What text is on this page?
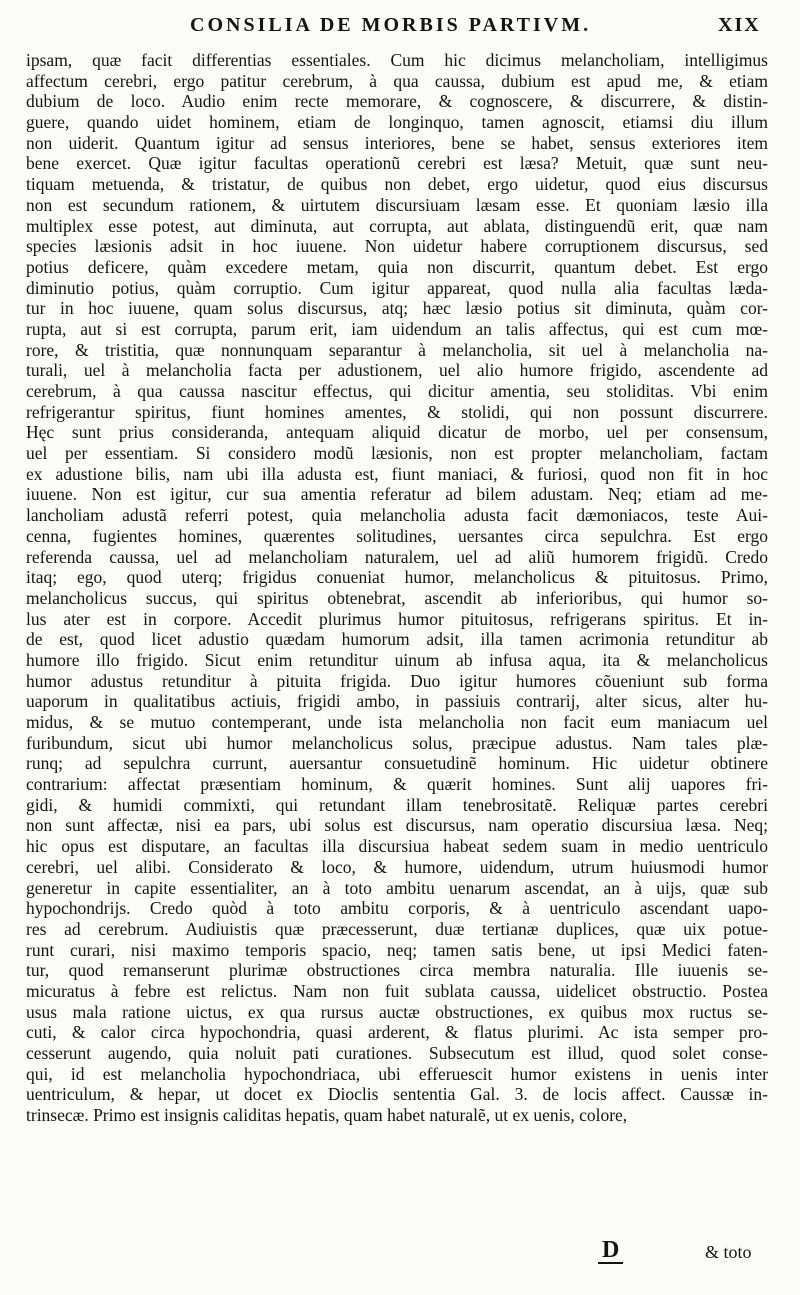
CONSILIA DE MORBIS PARTIVM.	XIX
ipsam, quæ facit differentias essentiales. Cum hic dicimus melancholiam, intelligimus
affectum cerebri, ergo patitur cerebrum, à qua caussa, dubium est apud me, & etiam
dubium de loco. Audio enim recte memorare, & cognoscere, & discurrere, & distin-
guere, quando uidet hominem, etiam de longinquo, tamen agnoscit, etiamsi diu illum
non uiderit. Quantum igitur ad sensus interiores, bene se habet, sensus exteriores item
bene exercet. Quæ igitur facultas operationũ cerebri est læsa? Metuit, quæ sunt neu-
tiquam metuenda, & tristatur, de quibus non debet, ergo uidetur, quod eius discursus
non est secundum rationem, & uirtutem discursiuam læsam esse. Et quoniam læsio illa
multiplex esse potest, aut diminuta, aut corrupta, aut ablata, distinguendũ erit, quæ nam
species læsionis adsit in hoc iuuene. Non uidetur habere corruptionem discursus, sed
potius deficere, quàm excedere metam, quia non discurrit, quantum debet. Est ergo
diminutio potius, quàm corruptio. Cum igitur appareat, quod nulla alia facultas læda-
tur in hoc iuuene, quam solus discursus, atq; hæc læsio potius sit diminuta, quàm cor-
rupta, aut si est corrupta, parum erit, iam uidendum an talis affectus, qui est cum mœ-
rore, & tristitia, quæ nonnunquam separantur à melancholia, sit uel à melancholia na-
turali, uel à melancholia facta per adustionem, uel alio humore frigido, ascendente ad
cerebrum, à qua caussa nascitur effectus, qui dicitur amentia, seu stoliditas. Vbi enim
refrigerantur spiritus, fiunt homines amentes, & stolidi, qui non possunt discurrere.
Hęc sunt prius consideranda, antequam aliquid dicatur de morbo, uel per consensum,
uel per essentiam. Si considero modũ læsionis, non est propter melancholiam, factam
ex adustione bilis, nam ubi illa adusta est, fiunt maniaci, & furiosi, quod non fit in hoc
iuuene. Non est igitur, cur sua amentia referatur ad bilem adustam. Neq; etiam ad me-
lancholiam adustã referri potest, quia melancholia adusta facit dæmoniacos, teste Aui-
cenna, fugientes homines, quærentes solitudines, uersantes circa sepulchra. Est ergo
referenda caussa, uel ad melancholiam naturalem, uel ad aliũ humorem frigidũ. Credo
itaq; ego, quod uterq; frigidus conueniat humor, melancholicus & pituitosus. Primo,
melancholicus succus, qui spiritus obtenebrat, ascendit ab inferioribus, qui humor so-
lus ater est in corpore. Accedit plurimus humor pituitosus, refrigerans spiritus. Et in-
de est, quod licet adustio quædam humorum adsit, illa tamen acrimonia retunditur ab
humore illo frigido. Sicut enim retunditur uinum ab infusa aqua, ita & melancholicus
humor adustus retunditur à pituita frigida. Duo igitur humores cõueniunt sub forma
uaporum in qualitatibus actiuis, frigidi ambo, in passiuis contrarij, alter sicus, alter hu-
midus, & se mutuo contemperant, unde ista melancholia non facit eum maniacum uel
furibundum, sicut ubi humor melancholicus solus, præcipue adustus. Nam tales plæ-
runq; ad sepulchra currunt, auersantur consuetudinẽ hominum. Hic uidetur obtinere
contrarium: affectat præsentiam hominum, & quærit homines. Sunt alij uapores fri-
gidi, & humidi commixti, qui retundant illam tenebrositatẽ. Reliquæ partes cerebri
non sunt affectæ, nisi ea pars, ubi solus est discursus, nam operatio discursiua læsa. Neq;
hic opus est disputare, an facultas illa discursiua habeat sedem suam in medio uentriculo
cerebri, uel alibi. Considerato & loco, & humore, uidendum, utrum huiusmodi humor
generetur in capite essentialiter, an à toto ambitu uenarum ascendat, an à uijs, quæ sub
hypochondrijs. Credo quòd à toto ambitu corporis, & à uentriculo ascendant uapo-
res ad cerebrum. Audiuistis quæ præcesserunt, duæ tertianæ duplices, quæ uix potue-
runt curari, nisi maximo temporis spacio, neq; tamen satis bene, ut ipsi Medici faten-
tur, quod remanserunt plurimæ obstructiones circa membra naturalia. Ille iuuenis se-
micuratus à febre est relictus. Nam non fuit sublata caussa, uidelicet obstructio. Postea
usus mala ratione uictus, ex qua rursus auctæ obstructiones, ex quibus mox ructus se-
cuti, & calor circa hypochondria, quasi arderent, & flatus plurimi. Ac ista semper pro-
cesserunt augendo, quia noluit pati curationes. Subsecutum est illud, quod solet conse-
qui, id est melancholia hypochondriaca, ubi efferuescit humor existens in uenis inter
uentriculum, & hepar, ut docet ex Dioclis sententia Gal. 3. de locis affect. Caussæ in-
trinsecæ. Primo est insignis caliditas hepatis, quam habet naturalẽ, ut ex uenis, colore,
D	& toto
